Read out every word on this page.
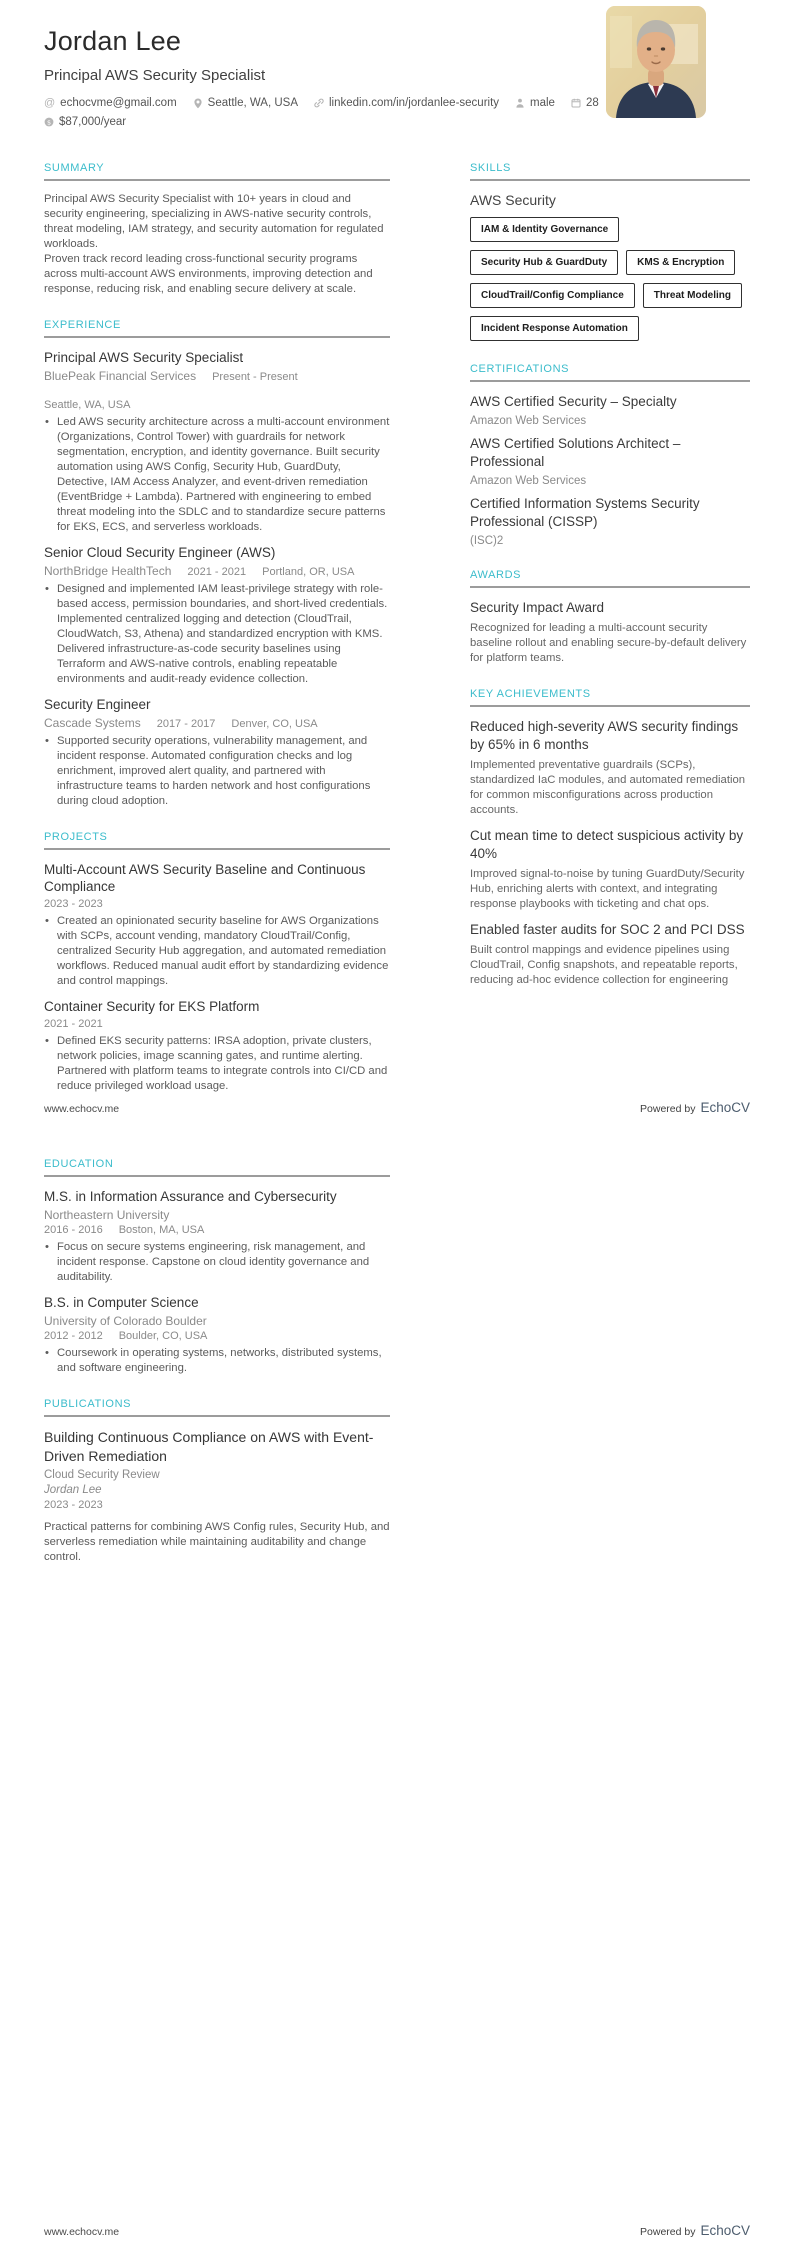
Jordan Lee
Principal AWS Security Specialist
@ echocvme@gmail.com	Seattle, WA, USA	linkedin.com/in/jordanlee-security	male	28
$ $87,000/year
SUMMARY

Principal AWS Security Specialist with 10+ years in cloud and security engineering, specializing in AWS-native security controls, threat modeling, IAM strategy, and security automation for regulated workloads.

Proven track record leading cross-functional security programs across multi-account AWS environments, improving detection and response, reducing risk, and enabling secure delivery at scale.

EXPERIENCE
Principal AWS Security Specialist
BluePeak Financial Services Present - Present
Seattle, WA, USA
• Led AWS security architecture across a multi-account environment (Organizations, Control Tower) with guardrails for network segmentation, encryption, and identity governance. Built security automation using AWS Config, Security Hub, GuardDuty, Detective, IAM Access Analyzer, and event-driven remediation (EventBridge + Lambda). Partnered with engineering to embed threat modeling into the SDLC and to standardize secure patterns for EKS, ECS, and serverless workloads.
Senior Cloud Security Engineer (AWS)
NorthBridge HealthTech 2021 - 2021 Portland, OR, USA
• Designed and implemented IAM least-privilege strategy with role-based access, permission boundaries, and short-lived credentials. Implemented centralized logging and detection (CloudTrail, CloudWatch, S3, Athena) and standardized encryption with KMS. Delivered infrastructure-as-code security baselines using Terraform and AWS-native controls, enabling repeatable environments and audit-ready evidence collection.
Security Engineer
Cascade Systems 2017 - 2017 Denver, CO, USA
• Supported security operations, vulnerability management, and incident response. Automated configuration checks and log enrichment, improved alert quality, and partnered with infrastructure teams to harden network and host configurations during cloud adoption.
PROJECTS
Multi-Account AWS Security Baseline and Continuous Compliance
2023 - 2023
• Created an opinionated security baseline for AWS Organizations with SCPs, account vending, mandatory CloudTrail/Config, centralized Security Hub aggregation, and automated remediation workflows. Reduced manual audit effort by standardizing evidence and control mappings.
Container Security for EKS Platform
2021 - 2021
• Defined EKS security patterns: IRSA adoption, private clusters, network policies, image scanning gates, and runtime alerting. Partnered with platform teams to integrate controls into CI/CD and reduce privileged workload usage.
SKILLS
AWS Security
IAM & Identity Governance
Security Hub & GuardDuty	KMS & Encryption
CloudTrail/Config Compliance	Threat Modeling
Incident Response Automation
CERTIFICATIONS
AWS Certified Security – Specialty
Amazon Web Services
AWS Certified Solutions Architect – Professional
Amazon Web Services
Certified Information Systems Security Professional (CISSP)
(ISC)2
AWARDS
Security Impact Award
Recognized for leading a multi-account security baseline rollout and enabling secure-by-default delivery for platform teams.
KEY ACHIEVEMENTS
Reduced high-severity AWS security findings by 65% in 6 months
Implemented preventative guardrails (SCPs), standardized IaC modules, and automated remediation for common misconfigurations across production accounts.
Cut mean time to detect suspicious activity by 40%
Improved signal-to-noise by tuning GuardDuty/Security Hub, enriching alerts with context, and integrating response playbooks with ticketing and chat ops.
Enabled faster audits for SOC 2 and PCI DSS
Built control mappings and evidence pipelines using CloudTrail, Config snapshots, and repeatable reports, reducing ad-hoc evidence collection for engineering
www.echocv.me	Powered by EchoCV
EDUCATION
M.S. in Information Assurance and Cybersecurity
Northeastern University
2016 - 2016 Boston, MA, USA
• Focus on secure systems engineering, risk management, and incident response. Capstone on cloud identity governance and auditability.
B.S. in Computer Science
University of Colorado Boulder
2012 - 2012 Boulder, CO, USA
• Coursework in operating systems, networks, distributed systems, and software engineering.
PUBLICATIONS
Building Continuous Compliance on AWS with Event-Driven Remediation
Cloud Security Review
Jordan Lee
2023 - 2023
Practical patterns for combining AWS Config rules, Security Hub, and serverless remediation while maintaining auditability and change control.
www.echocv.me	Powered by EchoCV
